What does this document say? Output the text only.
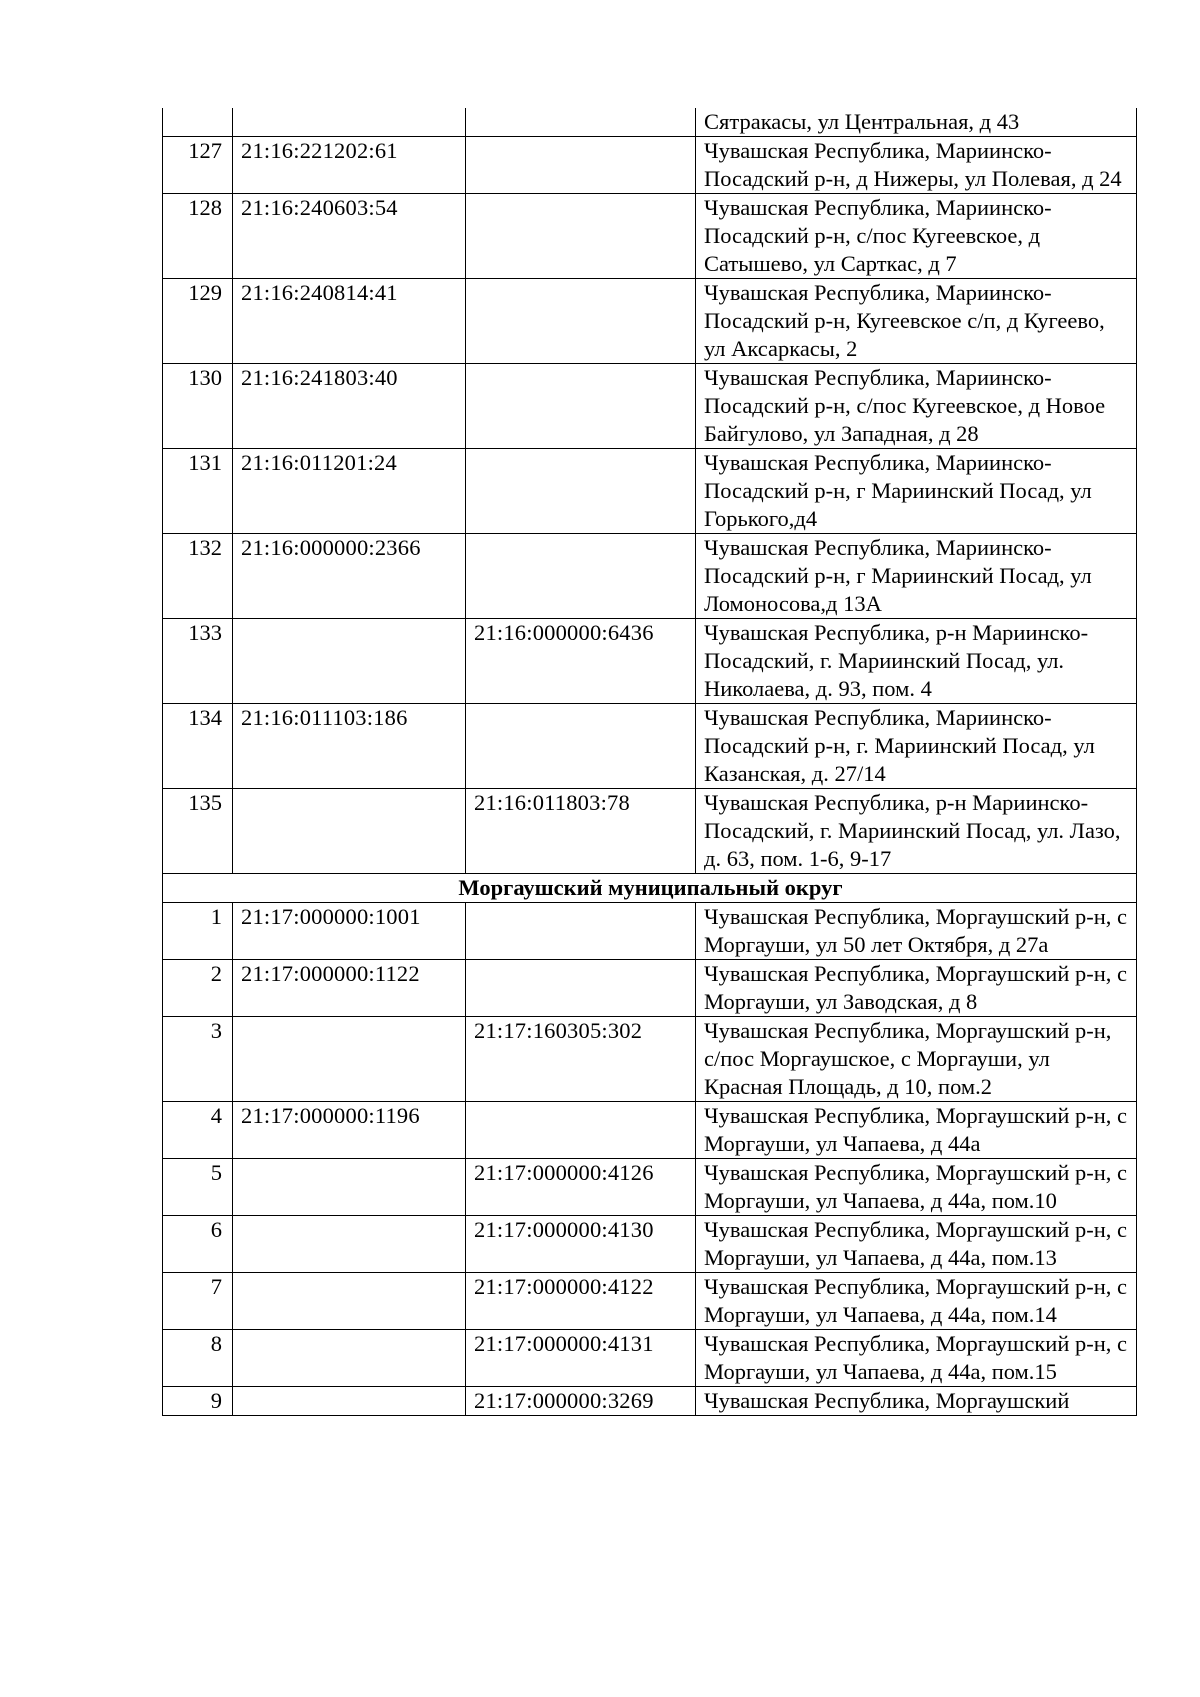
			Сятракасы, ул Центральная, д 43
127	21:16:221202:61		Чувашская Республика, Мариинско-Посадский р-н, д Нижеры, ул Полевая, д 24
128	21:16:240603:54		Чувашская Республика, Мариинско-Посадский р-н, с/пос Кугеевское, д Сатышево, ул Сарткас, д 7
129	21:16:240814:41		Чувашская Республика, Мариинско-Посадский р-н, Кугеевское с/п, д Кугеево, ул Аксаркасы, 2
130	21:16:241803:40		Чувашская Республика, Мариинско-Посадский р-н, с/пос Кугеевское, д Новое Байгулово, ул Западная, д 28
131	21:16:011201:24		Чувашская Республика, Мариинско-Посадский р-н, г Мариинский Посад, ул Горького,д4
132	21:16:000000:2366		Чувашская Республика, Мариинско-Посадский р-н, г Мариинский Посад, ул Ломоносова,д 13А
133		21:16:000000:6436	Чувашская Республика, р-н Мариинско-Посадский, г. Мариинский Посад, ул. Николаева, д. 93, пом. 4
134	21:16:011103:186		Чувашская Республика, Мариинско-Посадский р-н, г. Мариинский Посад, ул Казанская, д. 27/14
135		21:16:011803:78	Чувашская Республика, р-н Мариинско-Посадский, г. Мариинский Посад, ул. Лазо, д. 63, пом. 1-6, 9-17
Моргаушский муниципальный округ			
1	21:17:000000:1001		Чувашская Республика, Моргаушский р-н, с Моргауши, ул 50 лет Октября, д 27а
2	21:17:000000:1122		Чувашская Республика, Моргаушский р-н, с Моргауши, ул Заводская, д 8
3		21:17:160305:302	Чувашская Республика, Моргаушский р-н, с/пос Моргаушское, с Моргауши, ул Красная Площадь, д 10, пом.2
4	21:17:000000:1196		Чувашская Республика, Моргаушский р-н, с Моргауши, ул Чапаева, д 44а
5		21:17:000000:4126	Чувашская Республика, Моргаушский р-н, с Моргауши, ул Чапаева, д 44а, пом.10
6		21:17:000000:4130	Чувашская Республика, Моргаушский р-н, с Моргауши, ул Чапаева, д 44а, пом.13
7		21:17:000000:4122	Чувашская Республика, Моргаушский р-н, с Моргауши, ул Чапаева, д 44а, пом.14
8		21:17:000000:4131	Чувашская Республика, Моргаушский р-н, с Моргауши, ул Чапаева, д 44а, пом.15
9		21:17:000000:3269	Чувашская Республика, Моргаушский
